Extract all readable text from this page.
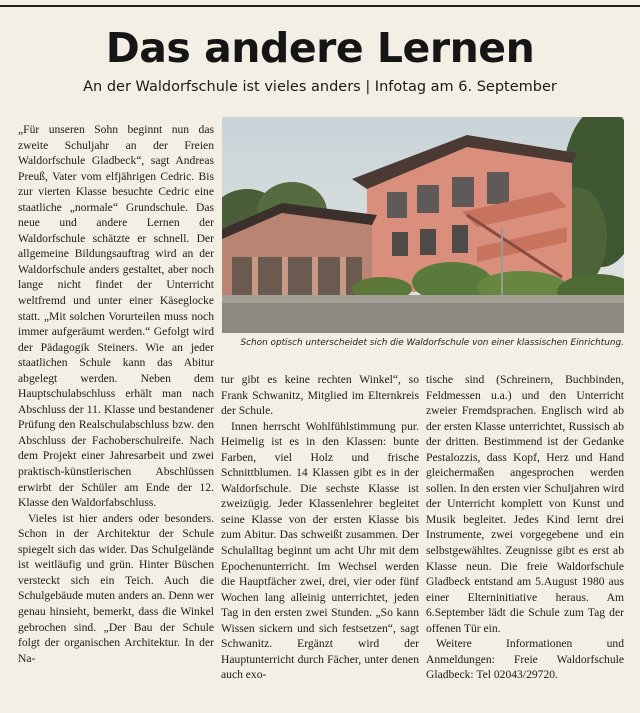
Das andere Lernen
An der Waldorfschule ist vieles anders | Infotag am 6. September

„Für unseren Sohn beginnt nun das zweite Schuljahr an der Freien Waldorfschule Gladbeck“, sagt Andreas Preuß, Vater vom elfjährigen Cedric. Bis zur vierten Klasse besuchte Cedric eine staatliche „normale“ Grundschule. Das neue und andere Lernen der Waldorfschule schätzte er schnell. Der allgemeine Bildungsauftrag wird an der Waldorfschule anders gestaltet, aber noch lange nicht findet der Unterricht weltfremd und unter einer Käseglocke statt. „Mit solchen Vorurteilen muss noch immer aufgeräumt werden.“ Gefolgt wird der Pädagogik Steiners. Wie an jeder staatlichen Schule kann das Abitur abgelegt werden. Neben dem Hauptschulabschluss erhält man nach Abschluss der 11. Klasse und bestandener Prüfung den Realschulabschluss bzw. den Abschluss der Fachoberschulreife. Nach dem Projekt einer Jahresarbeit und zwei praktisch-künstlerischen Abschlüssen erwirbt der Schüler am Ende der 12. Klasse den Waldorfabschluss.

Vieles ist hier anders oder besonders. Schon in der Architektur der Schule spiegelt sich das wider. Das Schulgelände ist weitläufig und grün. Hinter Büschen versteckt sich ein Teich. Auch die Schulgebäude muten anders an. Denn wer genau hinsieht, bemerkt, dass die Winkel gebrochen sind. „Der Bau der Schule folgt der organischen Architektur. In der Na-

Schon optisch unterscheidet sich die Waldorfschule von einer klassischen Einrichtung.

tur gibt es keine rechten Winkel“, so Frank Schwanitz, Mitglied im Elternkreis der Schule.

Innen herrscht Wohlfühlstimmung pur. Heimelig ist es in den Klassen: bunte Farben, viel Holz und frische Schnittblumen. 14 Klassen gibt es in der Waldorfschule. Die sechste Klasse ist zweizügig. Jeder Klassenlehrer begleitet seine Klasse von der ersten Klasse bis zum Abitur. Das schweißt zusammen. Der Schulalltag beginnt um acht Uhr mit dem Epochenunterricht. Im Wechsel werden die Hauptfächer zwei, drei, vier oder fünf Wochen lang alleinig unterrichtet, jeden Tag in den ersten zwei Stunden. „So kann Wissen sickern und sich festsetzen“, sagt Schwanitz. Ergänzt wird der Hauptunterricht durch Fächer, unter denen auch exo-

tische sind (Schreinern, Buchbinden, Feldmessen u.a.) und den Unterricht zweier Fremdsprachen. Englisch wird ab der ersten Klasse unterrichtet, Russisch ab der dritten. Bestimmend ist der Gedanke Pestalozzis, dass Kopf, Herz und Hand gleichermaßen angesprochen werden sollen. In den ersten vier Schuljahren wird der Unterricht komplett von Kunst und Musik begleitet. Jedes Kind lernt drei Instrumente, zwei vorgegebene und ein selbstgewähltes. Zeugnisse gibt es erst ab Klasse neun. Die freie Waldorfschule Gladbeck entstand am 5.August 1980 aus einer Elterninitiative heraus. Am 6.September lädt die Schule zum Tag der offenen Tür ein.

Weitere Informationen und Anmeldungen: Freie Waldorfschule Gladbeck: Tel 02043/29720.
